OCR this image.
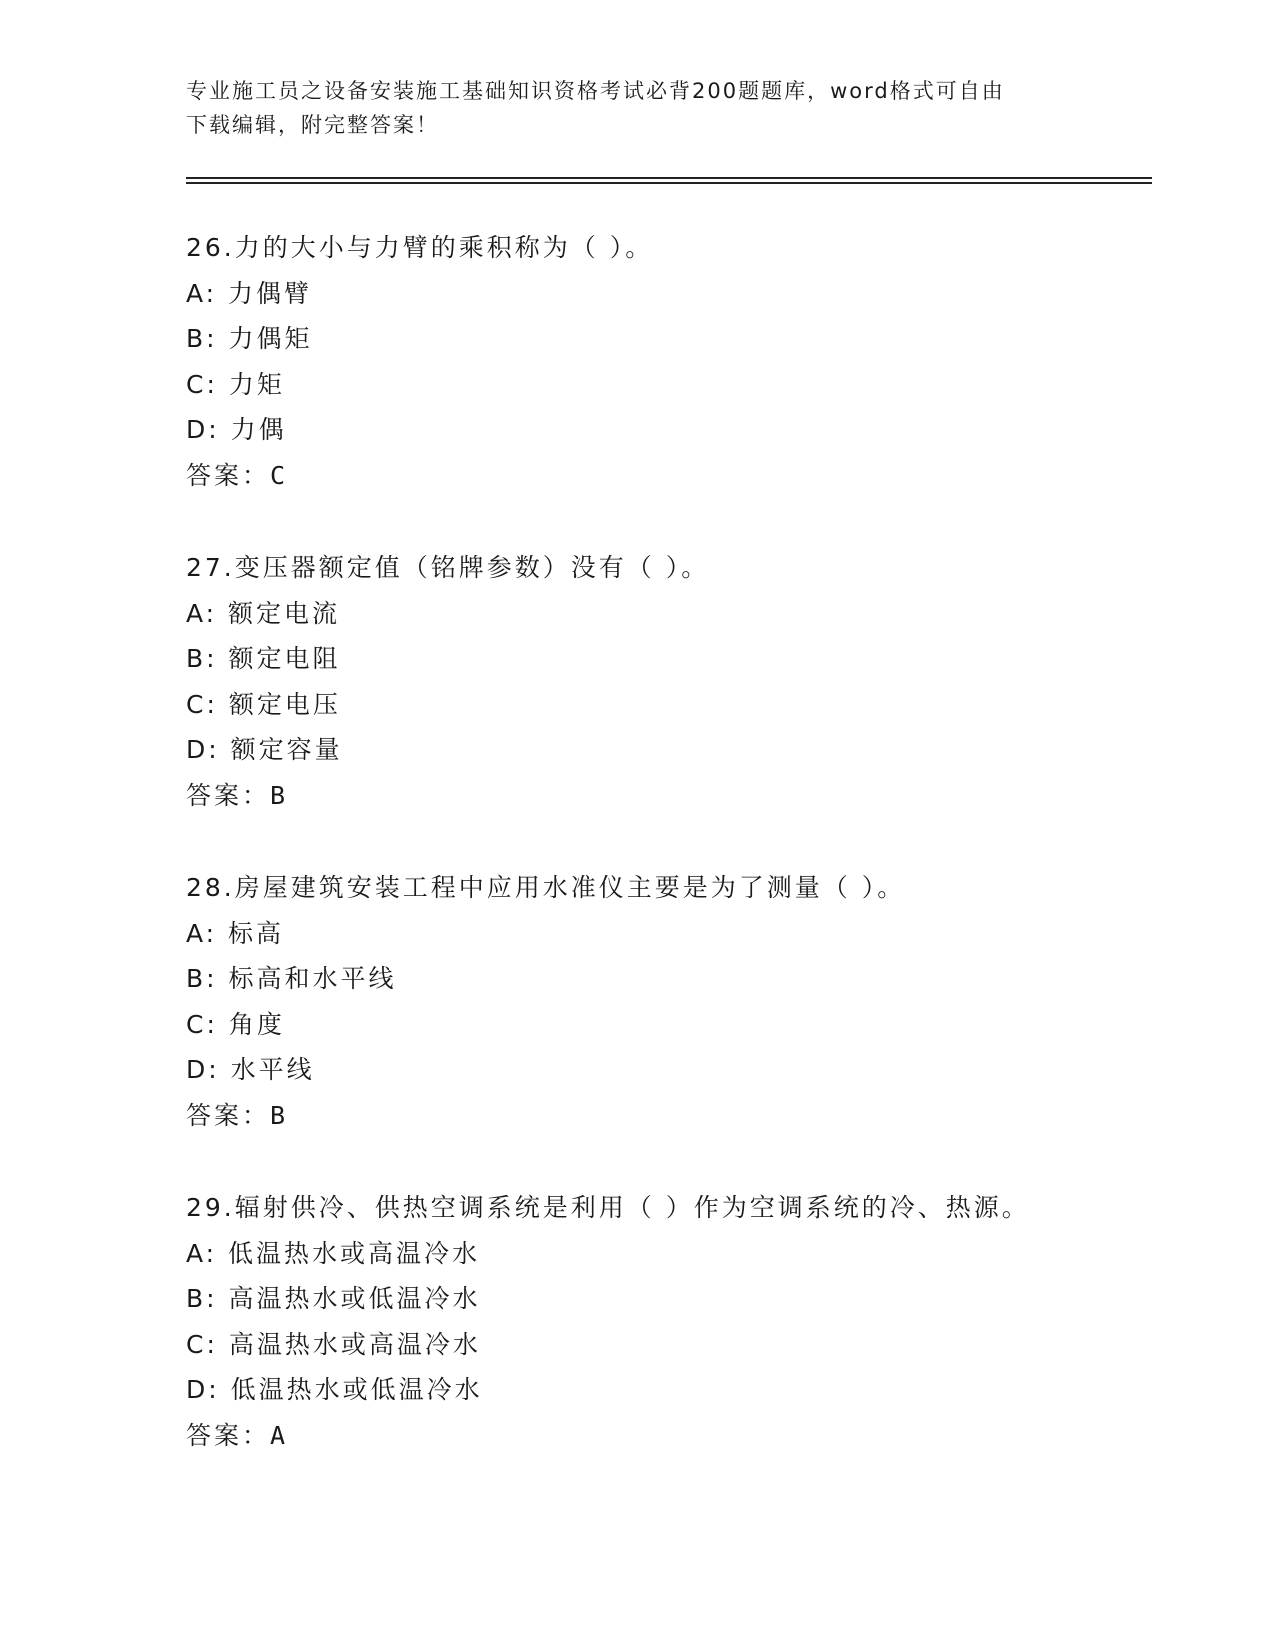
专业施工员之设备安装施工基础知识资格考试必背200题题库，word格式可自由
下载编辑，附完整答案！
26.力的大小与力臂的乘积称为（ ）。
A: 力偶臂
B: 力偶矩
C: 力矩
D: 力偶
答案：C
27.变压器额定值（铭牌参数）没有（ ）。
A: 额定电流
B: 额定电阻
C: 额定电压
D: 额定容量
答案：B
28.房屋建筑安装工程中应用水准仪主要是为了测量（ ）。
A: 标高
B: 标高和水平线
C: 角度
D: 水平线
答案：B
29.辐射供冷、供热空调系统是利用（ ）作为空调系统的冷、热源。
A: 低温热水或高温冷水
B: 高温热水或低温冷水
C: 高温热水或高温冷水
D: 低温热水或低温冷水
答案：A
